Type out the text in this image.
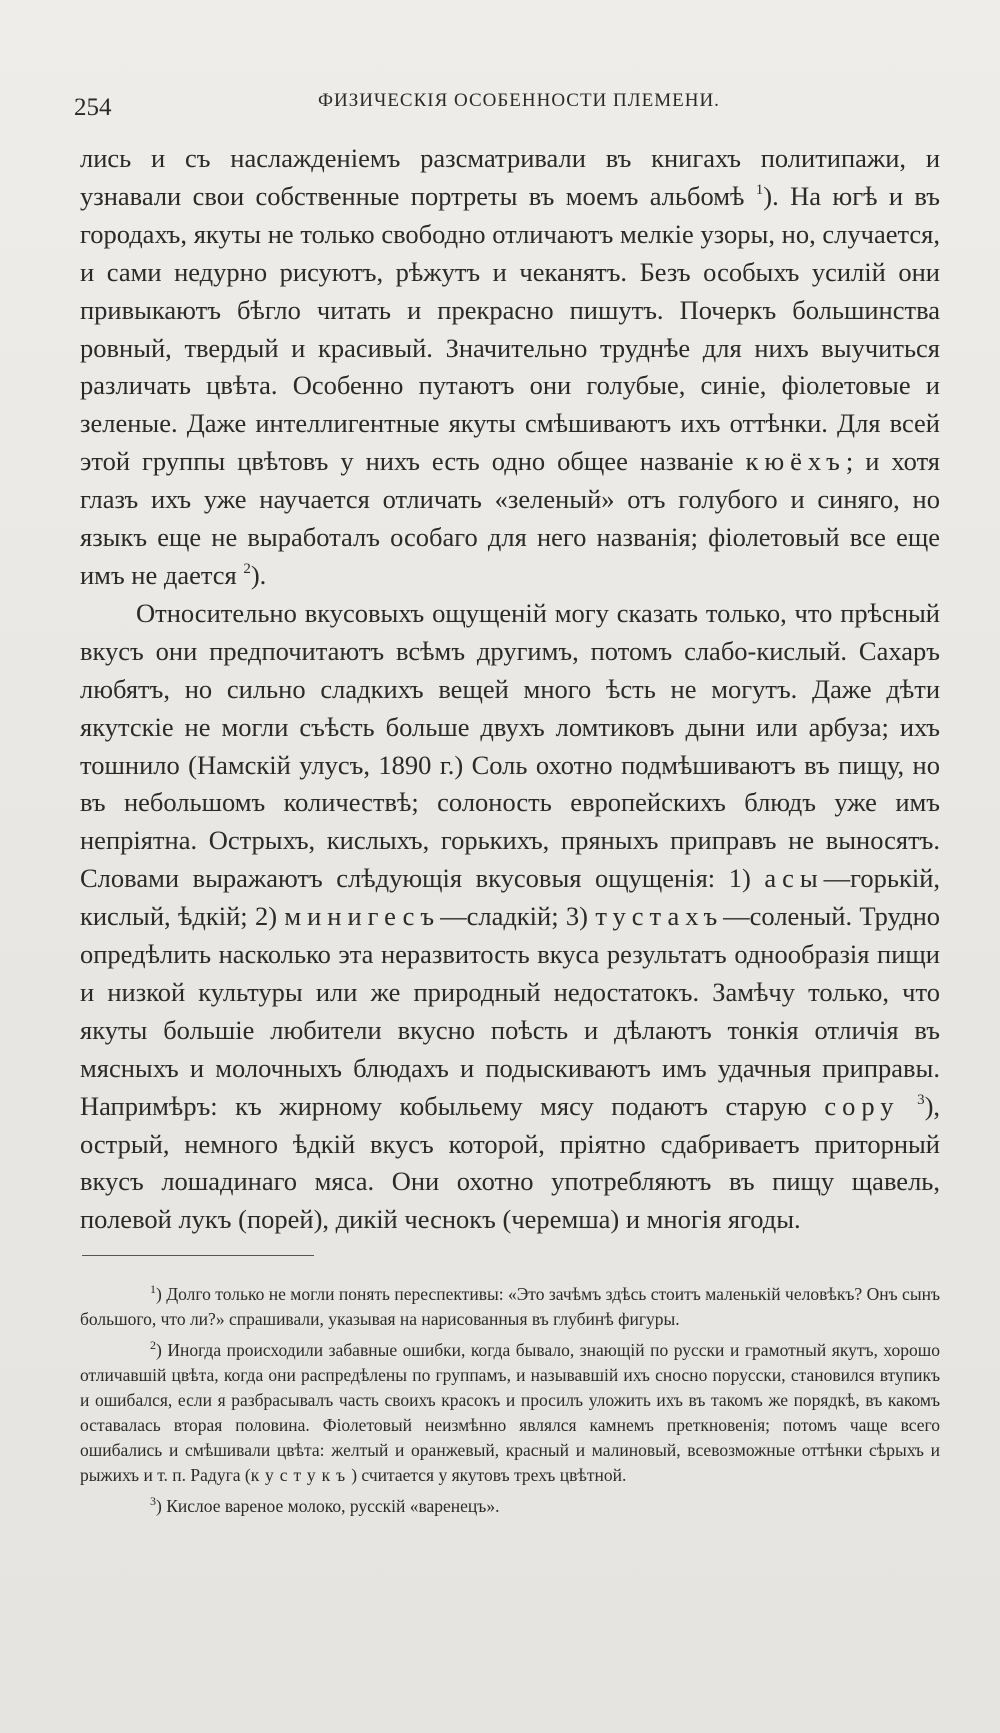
254	ФИЗИЧЕСКІЯ ОСОБЕННОСТИ ПЛЕМЕНИ.

лись и съ наслажденіемъ разсматривали въ книгахъ политипажи, и узнавали свои собственные портреты въ моемъ альбомѣ $^1$). На югѣ и въ городахъ, якуты не только свободно отличаютъ мелкіе узоры, но, случается, и сами недурно рисуютъ, рѣжутъ и чеканятъ. Безъ особыхъ усилій они привыкаютъ бѣгло читать и прекрасно пишутъ. Почеркъ большинства ровный, твердый и красивый. Значительно труднѣе для нихъ выучиться различать цвѣта. Особенно путаютъ они голубые, синіе, фіолетовые и зеленые. Даже интеллигентные якуты смѣшиваютъ ихъ оттѣнки. Для всей этой группы цвѣтовъ у нихъ есть одно общее названіе кюёхъ; и хотя глазъ ихъ уже научается отличать «зеленый» отъ голубого и синяго, но языкъ еще не выработалъ особаго для него названія; фіолетовый все еще имъ не дается $^2$).

Относительно вкусовыхъ ощущеній могу сказать только, что прѣсный вкусъ они предпочитаютъ всѣмъ другимъ, потомъ слабо-кислый. Сахаръ любятъ, но сильно сладкихъ вещей много ѣсть не могутъ. Даже дѣти якутскіе не могли съѣсть больше двухъ ломтиковъ дыни или арбуза; ихъ тошнило (Намскій улусъ, 1890 г.) Соль охотно подмѣшиваютъ въ пищу, но въ небольшомъ количествѣ; солоность европейскихъ блюдъ уже имъ непріятна. Острыхъ, кислыхъ, горькихъ, пряныхъ приправъ не выносятъ. Словами выражаютъ слѣдующія вкусовыя ощущенія: 1) асы—горькій, кислый, ѣдкій; 2) минигесъ—сладкій; 3) тустахъ—соленый. Трудно опредѣлить насколько эта неразвитость вкуса результатъ однообразія пищи и низкой культуры или же природный недостатокъ. Замѣчу только, что якуты большіе любители вкусно поѣсть и дѣлаютъ тонкія отличія въ мясныхъ и молочныхъ блюдахъ и подыскиваютъ имъ удачныя приправы. Напримѣръ: къ жирному кобыльему мясу подаютъ старую сору $^3$), острый, немного ѣдкій вкусъ которой, пріятно сдабриваетъ приторный вкусъ лошадинаго мяса. Они охотно употребляютъ въ пищу щавель, полевой лукъ (порей), дикій чеснокъ (черемша) и многія ягоды.

$^1$) Долго только не могли понять переспективы: «Это зачѣмъ здѣсь стоитъ маленькій человѣкъ? Онъ сынъ большого, что ли?» спрашивали, указывая на нарисованныя въ глубинѣ фигуры.

$^2$) Иногда происходили забавные ошибки, когда бывало, знающій по русски и грамотный якутъ, хорошо отличавшій цвѣта, когда они распредѣлены по группамъ, и называвшій ихъ сносно порусски, становился втупикъ и ошибался, если я разбрасывалъ часть своихъ красокъ и просилъ уложить ихъ въ такомъ же порядкѣ, въ какомъ оставалась вторая половина. Фіолетовый неизмѣнно являлся камнемъ преткновенія; потомъ чаще всего ошибались и смѣшивали цвѣта: желтый и оранжевый, красный и малиновый, всевозможные оттѣнки сѣрыхъ и рыжихъ и т. п. Радуга (кустукъ) считается у якутовъ трехъ цвѣтной.

$^3$) Кислое вареное молоко, русскій «варенецъ».
